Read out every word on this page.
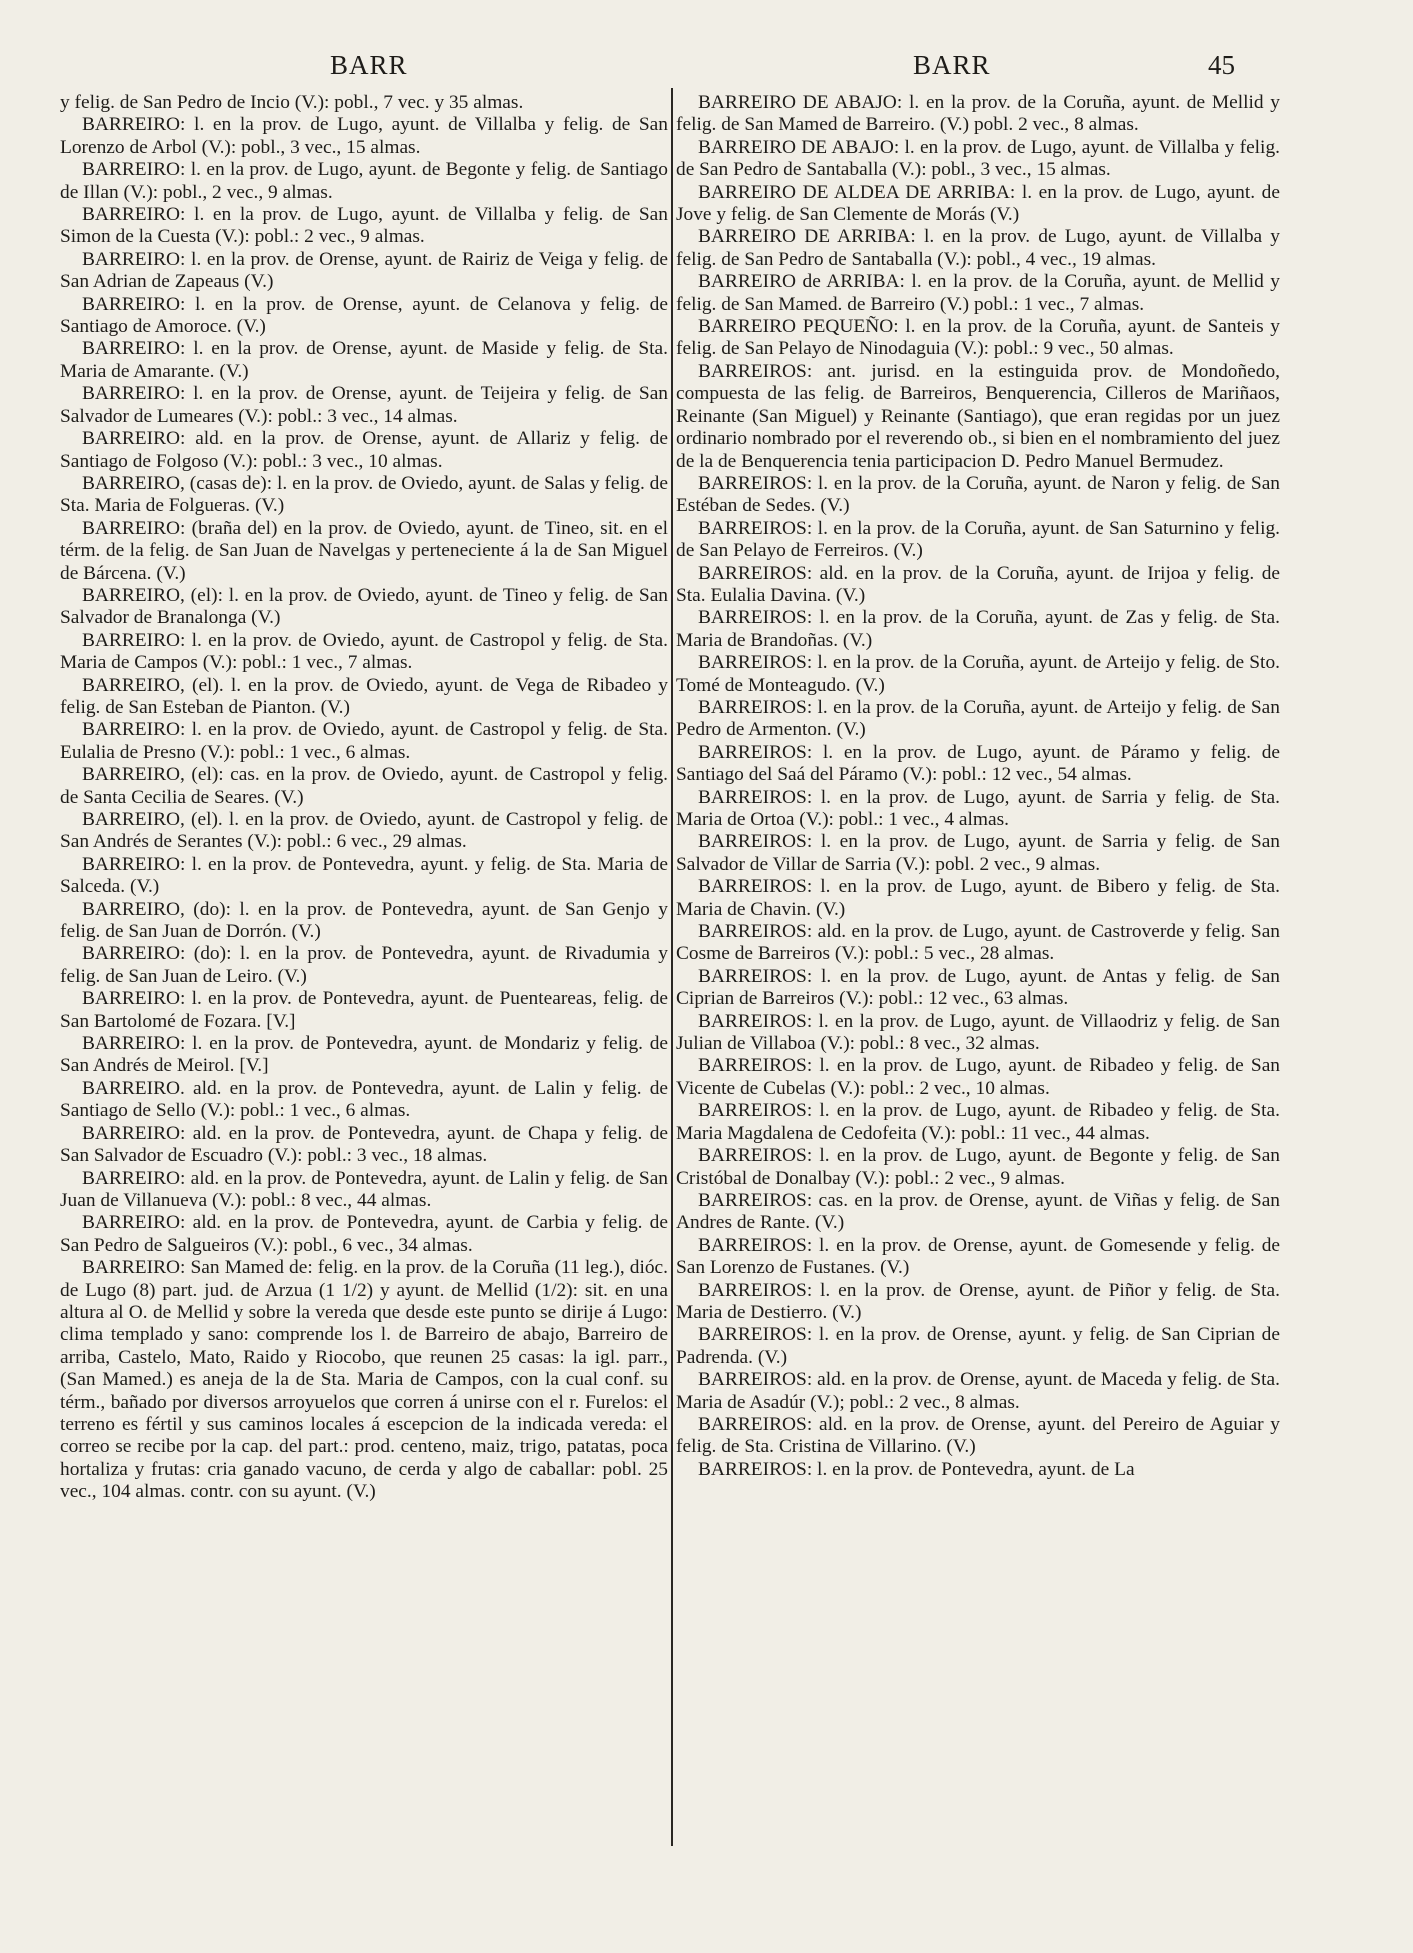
BARR	BARR	45

y felig. de San Pedro de Incio (V.): pobl., 7 vec. y 35 almas.

BARREIRO: l. en la prov. de Lugo, ayunt. de Villalba y felig. de San Lorenzo de Arbol (V.): pobl., 3 vec., 15 almas.

BARREIRO: l. en la prov. de Lugo, ayunt. de Begonte y felig. de Santiago de Illan (V.): pobl., 2 vec., 9 almas.

BARREIRO: l. en la prov. de Lugo, ayunt. de Villalba y felig. de San Simon de la Cuesta (V.): pobl.: 2 vec., 9 almas.

BARREIRO: l. en la prov. de Orense, ayunt. de Rairiz de Veiga y felig. de San Adrian de Zapeaus (V.)

BARREIRO: l. en la prov. de Orense, ayunt. de Celanova y felig. de Santiago de Amoroce. (V.)

BARREIRO: l. en la prov. de Orense, ayunt. de Maside y felig. de Sta. Maria de Amarante. (V.)

BARREIRO: l. en la prov. de Orense, ayunt. de Teijeira y felig. de San Salvador de Lumeares (V.): pobl.: 3 vec., 14 almas.

BARREIRO: ald. en la prov. de Orense, ayunt. de Allariz y felig. de Santiago de Folgoso (V.): pobl.: 3 vec., 10 almas.

BARREIRO, (casas de): l. en la prov. de Oviedo, ayunt. de Salas y felig. de Sta. Maria de Folgueras. (V.)

BARREIRO: (braña del) en la prov. de Oviedo, ayunt. de Tineo, sit. en el térm. de la felig. de San Juan de Navelgas y perteneciente á la de San Miguel de Bárcena. (V.)

BARREIRO, (el): l. en la prov. de Oviedo, ayunt. de Tineo y felig. de San Salvador de Branalonga (V.)

BARREIRO: l. en la prov. de Oviedo, ayunt. de Castropol y felig. de Sta. Maria de Campos (V.): pobl.: 1 vec., 7 almas.

BARREIRO, (el). l. en la prov. de Oviedo, ayunt. de Vega de Ribadeo y felig. de San Esteban de Pianton. (V.)

BARREIRO: l. en la prov. de Oviedo, ayunt. de Castropol y felig. de Sta. Eulalia de Presno (V.): pobl.: 1 vec., 6 almas.

BARREIRO, (el): cas. en la prov. de Oviedo, ayunt. de Castropol y felig. de Santa Cecilia de Seares. (V.)

BARREIRO, (el). l. en la prov. de Oviedo, ayunt. de Castropol y felig. de San Andrés de Serantes (V.): pobl.: 6 vec., 29 almas.

BARREIRO: l. en la prov. de Pontevedra, ayunt. y felig. de Sta. Maria de Salceda. (V.)

BARREIRO, (do): l. en la prov. de Pontevedra, ayunt. de San Genjo y felig. de San Juan de Dorrón. (V.)

BARREIRO: (do): l. en la prov. de Pontevedra, ayunt. de Rivadumia y felig. de San Juan de Leiro. (V.)

BARREIRO: l. en la prov. de Pontevedra, ayunt. de Puenteareas, felig. de San Bartolomé de Fozara. [V.]

BARREIRO: l. en la prov. de Pontevedra, ayunt. de Mondariz y felig. de San Andrés de Meirol. [V.]

BARREIRO. ald. en la prov. de Pontevedra, ayunt. de Lalin y felig. de Santiago de Sello (V.): pobl.: 1 vec., 6 almas.

BARREIRO: ald. en la prov. de Pontevedra, ayunt. de Chapa y felig. de San Salvador de Escuadro (V.): pobl.: 3 vec., 18 almas.

BARREIRO: ald. en la prov. de Pontevedra, ayunt. de Lalin y felig. de San Juan de Villanueva (V.): pobl.: 8 vec., 44 almas.

BARREIRO: ald. en la prov. de Pontevedra, ayunt. de Carbia y felig. de San Pedro de Salgueiros (V.): pobl., 6 vec., 34 almas.

BARREIRO: San Mamed de: felig. en la prov. de la Coruña (11 leg.), dióc. de Lugo (8) part. jud. de Arzua (1 1/2) y ayunt. de Mellid (1/2): sit. en una altura al O. de Mellid y sobre la vereda que desde este punto se dirije á Lugo: clima templado y sano: comprende los l. de Barreiro de abajo, Barreiro de arriba, Castelo, Mato, Raido y Riocobo, que reunen 25 casas: la igl. parr., (San Mamed.) es aneja de la de Sta. Maria de Campos, con la cual conf. su térm., bañado por diversos arroyuelos que corren á unirse con el r. Furelos: el terreno es fértil y sus caminos locales á escepcion de la indicada vereda: el correo se recibe por la cap. del part.: prod. centeno, maiz, trigo, patatas, poca hortaliza y frutas: cria ganado vacuno, de cerda y algo de caballar: pobl. 25 vec., 104 almas. contr. con su ayunt. (V.)

BARREIRO DE ABAJO: l. en la prov. de la Coruña, ayunt. de Mellid y felig. de San Mamed de Barreiro. (V.) pobl. 2 vec., 8 almas.

BARREIRO DE ABAJO: l. en la prov. de Lugo, ayunt. de Villalba y felig. de San Pedro de Santaballa (V.): pobl., 3 vec., 15 almas.

BARREIRO DE ALDEA DE ARRIBA: l. en la prov. de Lugo, ayunt. de Jove y felig. de San Clemente de Morás (V.)

BARREIRO DE ARRIBA: l. en la prov. de Lugo, ayunt. de Villalba y felig. de San Pedro de Santaballa (V.): pobl., 4 vec., 19 almas.

BARREIRO de ARRIBA: l. en la prov. de la Coruña, ayunt. de Mellid y felig. de San Mamed. de Barreiro (V.) pobl.: 1 vec., 7 almas.

BARREIRO PEQUEÑO: l. en la prov. de la Coruña, ayunt. de Santeis y felig. de San Pelayo de Ninodaguia (V.): pobl.: 9 vec., 50 almas.

BARREIROS: ant. jurisd. en la estinguida prov. de Mondoñedo, compuesta de las felig. de Barreiros, Benquerencia, Cilleros de Mariñaos, Reinante (San Miguel) y Reinante (Santiago), que eran regidas por un juez ordinario nombrado por el reverendo ob., si bien en el nombramiento del juez de la de Benquerencia tenia participacion D. Pedro Manuel Bermudez.

BARREIROS: l. en la prov. de la Coruña, ayunt. de Naron y felig. de San Estéban de Sedes. (V.)

BARREIROS: l. en la prov. de la Coruña, ayunt. de San Saturnino y felig. de San Pelayo de Ferreiros. (V.)

BARREIROS: ald. en la prov. de la Coruña, ayunt. de Irijoa y felig. de Sta. Eulalia Davina. (V.)

BARREIROS: l. en la prov. de la Coruña, ayunt. de Zas y felig. de Sta. Maria de Brandoñas. (V.)

BARREIROS: l. en la prov. de la Coruña, ayunt. de Arteijo y felig. de Sto. Tomé de Monteagudo. (V.)

BARREIROS: l. en la prov. de la Coruña, ayunt. de Arteijo y felig. de San Pedro de Armenton. (V.)

BARREIROS: l. en la prov. de Lugo, ayunt. de Páramo y felig. de Santiago del Saá del Páramo (V.): pobl.: 12 vec., 54 almas.

BARREIROS: l. en la prov. de Lugo, ayunt. de Sarria y felig. de Sta. Maria de Ortoa (V.): pobl.: 1 vec., 4 almas.

BARREIROS: l. en la prov. de Lugo, ayunt. de Sarria y felig. de San Salvador de Villar de Sarria (V.): pobl. 2 vec., 9 almas.

BARREIROS: l. en la prov. de Lugo, ayunt. de Bibero y felig. de Sta. Maria de Chavin. (V.)

BARREIROS: ald. en la prov. de Lugo, ayunt. de Castroverde y felig. San Cosme de Barreiros (V.): pobl.: 5 vec., 28 almas.

BARREIROS: l. en la prov. de Lugo, ayunt. de Antas y felig. de San Ciprian de Barreiros (V.): pobl.: 12 vec., 63 almas.

BARREIROS: l. en la prov. de Lugo, ayunt. de Villaodriz y felig. de San Julian de Villaboa (V.): pobl.: 8 vec., 32 almas.

BARREIROS: l. en la prov. de Lugo, ayunt. de Ribadeo y felig. de San Vicente de Cubelas (V.): pobl.: 2 vec., 10 almas.

BARREIROS: l. en la prov. de Lugo, ayunt. de Ribadeo y felig. de Sta. Maria Magdalena de Cedofeita (V.): pobl.: 11 vec., 44 almas.

BARREIROS: l. en la prov. de Lugo, ayunt. de Begonte y felig. de San Cristóbal de Donalbay (V.): pobl.: 2 vec., 9 almas.

BARREIROS: cas. en la prov. de Orense, ayunt. de Viñas y felig. de San Andres de Rante. (V.)

BARREIROS: l. en la prov. de Orense, ayunt. de Gomesende y felig. de San Lorenzo de Fustanes. (V.)

BARREIROS: l. en la prov. de Orense, ayunt. de Piñor y felig. de Sta. Maria de Destierro. (V.)

BARREIROS: l. en la prov. de Orense, ayunt. y felig. de San Ciprian de Padrenda. (V.)

BARREIROS: ald. en la prov. de Orense, ayunt. de Maceda y felig. de Sta. Maria de Asadúr (V.); pobl.: 2 vec., 8 almas.

BARREIROS: ald. en la prov. de Orense, ayunt. del Pereiro de Aguiar y felig. de Sta. Cristina de Villarino. (V.)

BARREIROS: l. en la prov. de Pontevedra, ayunt. de La
